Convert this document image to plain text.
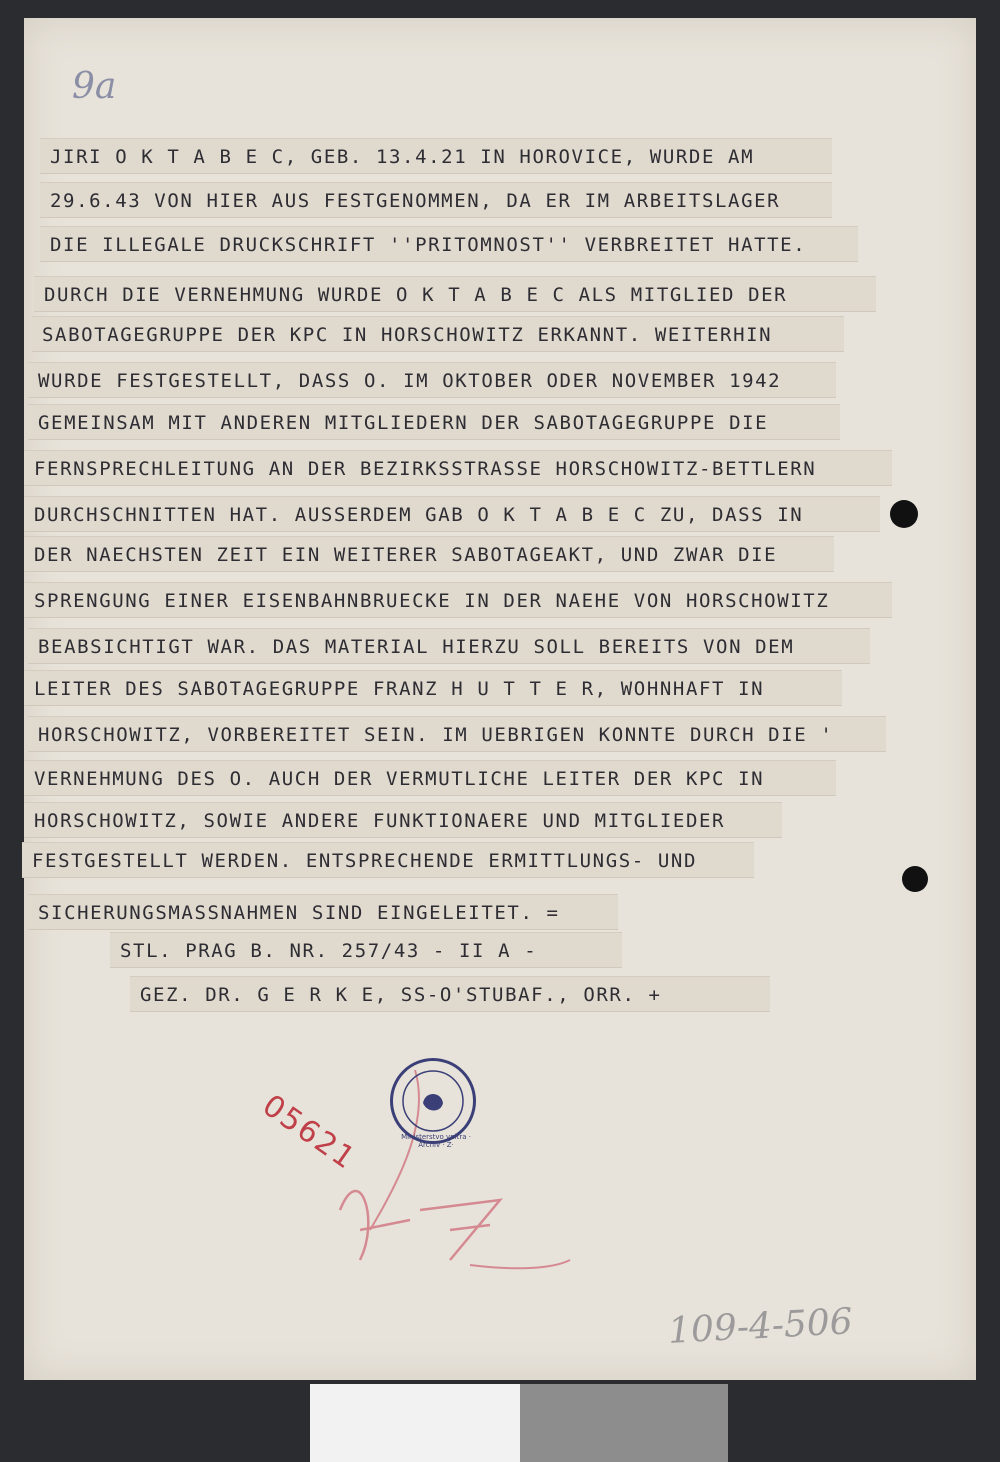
9a
JIRI O K T A B E C, GEB. 13.4.21 IN HOROVICE, WURDE AM
29.6.43 VON HIER AUS FESTGENOMMEN, DA ER IM ARBEITSLAGER
DIE ILLEGALE DRUCKSCHRIFT ''PRITOMNOST'' VERBREITET HATTE.
DURCH DIE VERNEHMUNG WURDE O K T A B E C ALS MITGLIED DER
SABOTAGEGRUPPE DER KPC IN HORSCHOWITZ ERKANNT. WEITERHIN
WURDE FESTGESTELLT, DASS O. IM OKTOBER ODER NOVEMBER 1942
GEMEINSAM MIT ANDEREN MITGLIEDERN DER SABOTAGEGRUPPE DIE
FERNSPRECHLEITUNG AN DER BEZIRKSSTRASSE HORSCHOWITZ-BETTLERN
DURCHSCHNITTEN HAT. AUSSERDEM GAB O K T A B E C ZU, DASS IN
DER NAECHSTEN ZEIT EIN WEITERER SABOTAGEAKT, UND ZWAR DIE
SPRENGUNG EINER EISENBAHNBRUECKE IN DER NAEHE VON HORSCHOWITZ
BEABSICHTIGT WAR. DAS MATERIAL HIERZU SOLL BEREITS VON DEM
LEITER DES SABOTAGEGRUPPE FRANZ H U T T E R, WOHNHAFT IN
HORSCHOWITZ, VORBEREITET SEIN. IM UEBRIGEN KONNTE DURCH DIE '
VERNEHMUNG DES O. AUCH DER VERMUTLICHE LEITER DER KPC IN
HORSCHOWITZ, SOWIE ANDERE FUNKTIONAERE UND MITGLIEDER
FESTGESTELLT WERDEN. ENTSPRECHENDE ERMITTLUNGS- UND
SICHERUNGSMASSNAHMEN SIND EINGELEITET. =
STL. PRAG B. NR. 257/43 - II A -
GEZ. DR. G E R K E, SS-O'STUBAF., ORR. +
05621	Ministerstvo vnitra · Archiv · Ž·
109-4-506
